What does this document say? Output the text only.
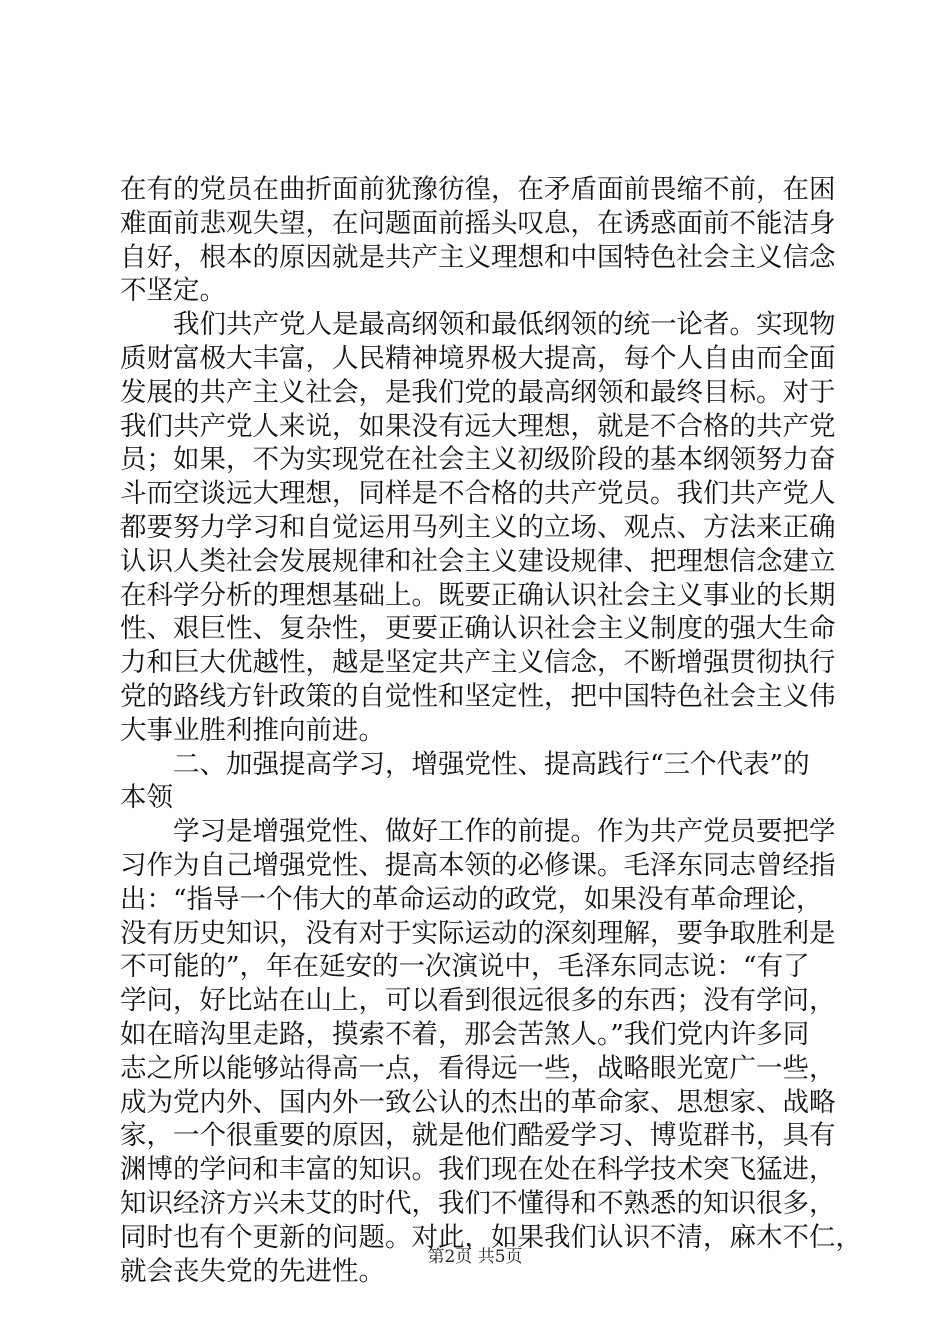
在有的党员在曲折面前犹豫彷徨，在矛盾面前畏缩不前，在困
难面前悲观失望，在问题面前摇头叹息，在诱惑面前不能洁身
自好，根本的原因就是共产主义理想和中国特色社会主义信念
不坚定。
我们共产党人是最高纲领和最低纲领的统一论者。实现物
质财富极大丰富，人民精神境界极大提高，每个人自由而全面
发展的共产主义社会，是我们党的最高纲领和最终目标。对于
我们共产党人来说，如果没有远大理想，就是不合格的共产党
员；如果，不为实现党在社会主义初级阶段的基本纲领努力奋
斗而空谈远大理想，同样是不合格的共产党员。我们共产党人
都要努力学习和自觉运用马列主义的立场、观点、方法来正确
认识人类社会发展规律和社会主义建设规律、把理想信念建立
在科学分析的理想基础上。既要正确认识社会主义事业的长期
性、艰巨性、复杂性，更要正确认识社会主义制度的强大生命
力和巨大优越性，越是坚定共产主义信念，不断增强贯彻执行
党的路线方针政策的自觉性和坚定性，把中国特色社会主义伟
大事业胜利推向前进。
二、加强提高学习，增强党性、提高践行“三个代表”的
本领
学习是增强党性、做好工作的前提。作为共产党员要把学
习作为自己增强党性、提高本领的必修课。毛泽东同志曾经指
出：“指导一个伟大的革命运动的政党，如果没有革命理论，
没有历史知识，没有对于实际运动的深刻理解，要争取胜利是
不可能的”，年在延安的一次演说中，毛泽东同志说：“有了
学问，好比站在山上，可以看到很远很多的东西；没有学问，
如在暗沟里走路，摸索不着，那会苦煞人。”我们党内许多同
志之所以能够站得高一点，看得远一些，战略眼光宽广一些，
成为党内外、国内外一致公认的杰出的革命家、思想家、战略
家，一个很重要的原因，就是他们酷爱学习、博览群书，具有
渊博的学问和丰富的知识。我们现在处在科学技术突飞猛进，
知识经济方兴未艾的时代，我们不懂得和不熟悉的知识很多，
同时也有个更新的问题。对此，如果我们认识不清，麻木不仁，
就会丧失党的先进性。	第2页 共5页
